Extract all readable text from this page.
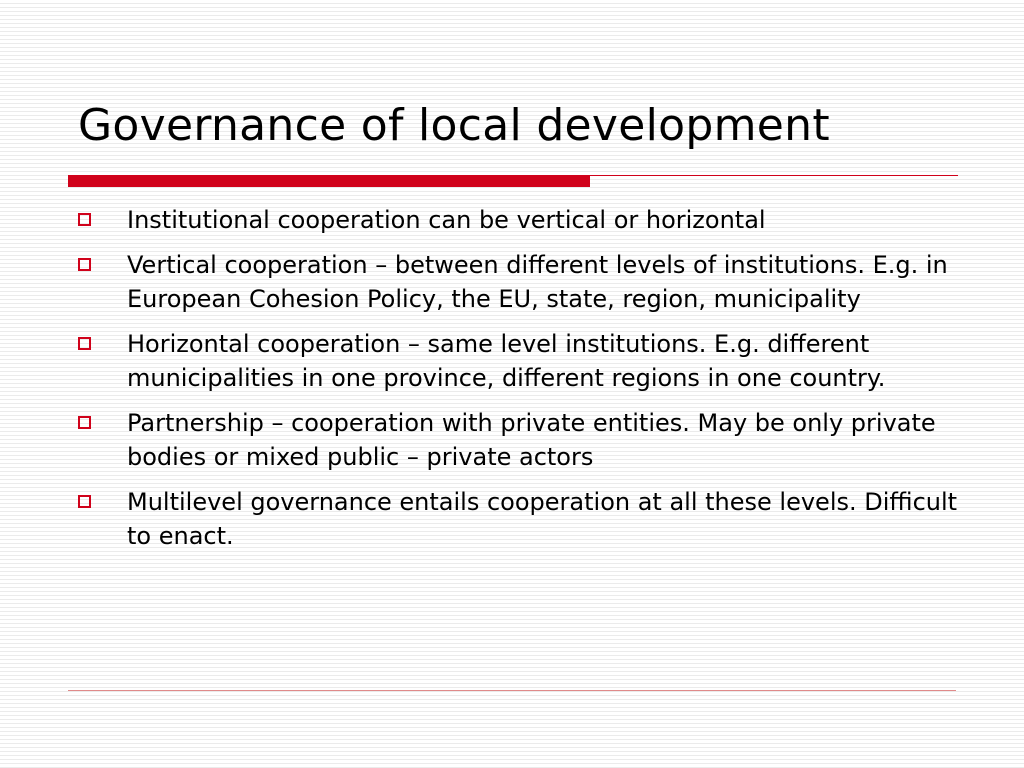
Governance of local development
Institutional cooperation can be vertical or horizontal
Vertical cooperation – between different levels of institutions. E.g. in European Cohesion Policy, the EU, state, region, municipality
Horizontal cooperation – same level institutions. E.g. different municipalities in one province, different regions in one country.
Partnership – cooperation with private entities. May be only private bodies or mixed public – private actors
Multilevel governance entails cooperation at all these levels. Difficult to enact.
